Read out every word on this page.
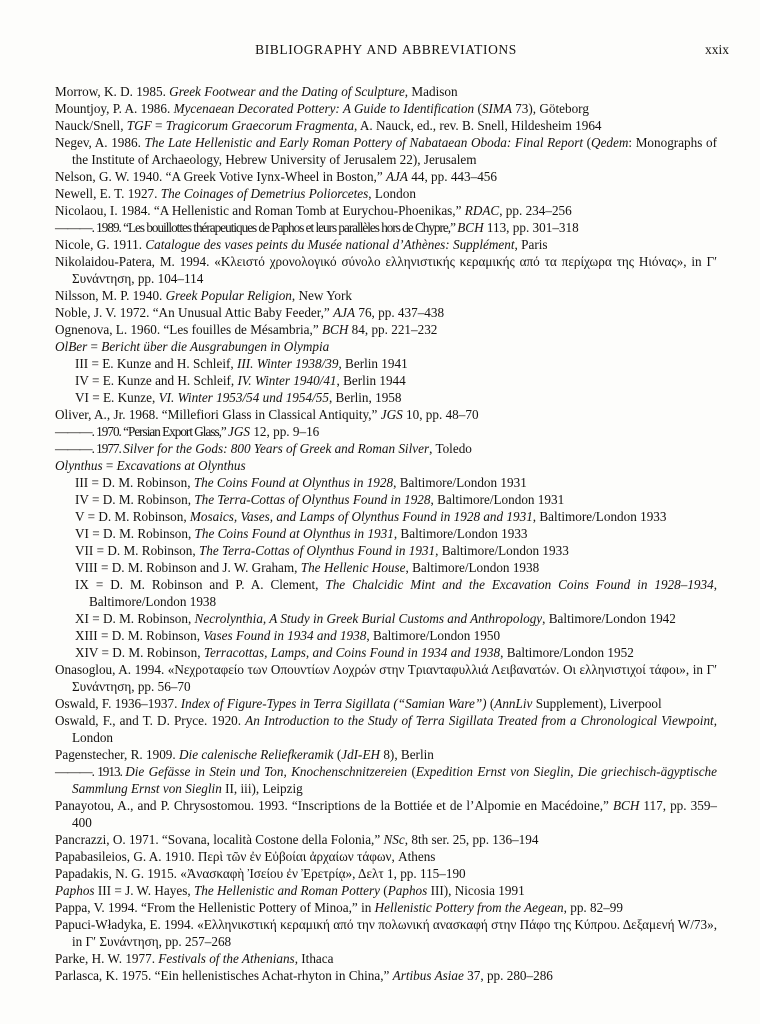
BIBLIOGRAPHY AND ABBREVIATIONS	xxix

Morrow, K. D. 1985. Greek Footwear and the Dating of Sculpture, Madison

Mountjoy, P. A. 1986. Mycenaean Decorated Pottery: A Guide to Identification (SIMA 73), Göteborg

Nauck/Snell, TGF = Tragicorum Graecorum Fragmenta, A. Nauck, ed., rev. B. Snell, Hildesheim 1964

Negev, A. 1986. The Late Hellenistic and Early Roman Pottery of Nabataean Oboda: Final Report (Qedem: Monographs of the Institute of Archaeology, Hebrew University of Jerusalem 22), Jerusalem

Nelson, G. W. 1940. “A Greek Votive Iynx-Wheel in Boston,” AJA 44, pp. 443–456

Newell, E. T. 1927. The Coinages of Demetrius Poliorcetes, London

Nicolaou, I. 1984. “A Hellenistic and Roman Tomb at Eurychou-Phoenikas,” RDAC, pp. 234–256

———. 1989. “Les bouillottes thérapeutiques de Paphos et leurs parallèles hors de Chypre,” BCH 113, pp. 301–318

Nicole, G. 1911. Catalogue des vases peints du Musée national d’Athènes: Supplément, Paris

Nikolaidou-Patera, M. 1994. «Κλειστό χρονολογικό σύνολο ελληνιστικής κεραμικής από τα περίχωρα της Ηιόνας», in Γ′ Συνάντηση, pp. 104–114

Nilsson, M. P. 1940. Greek Popular Religion, New York

Noble, J. V. 1972. “An Unusual Attic Baby Feeder,” AJA 76, pp. 437–438

Ognenova, L. 1960. “Les fouilles de Mésambria,” BCH 84, pp. 221–232

OlBer = Bericht über die Ausgrabungen in Olympia

III = E. Kunze and H. Schleif, III. Winter 1938/39, Berlin 1941

IV = E. Kunze and H. Schleif, IV. Winter 1940/41, Berlin 1944

VI = E. Kunze, VI. Winter 1953/54 und 1954/55, Berlin, 1958

Oliver, A., Jr. 1968. “Millefiori Glass in Classical Antiquity,” JGS 10, pp. 48–70

———. 1970. “Persian Export Glass,” JGS 12, pp. 9–16

———. 1977. Silver for the Gods: 800 Years of Greek and Roman Silver, Toledo

Olynthus = Excavations at Olynthus

III = D. M. Robinson, The Coins Found at Olynthus in 1928, Baltimore/London 1931

IV = D. M. Robinson, The Terra-Cottas of Olynthus Found in 1928, Baltimore/London 1931

V = D. M. Robinson, Mosaics, Vases, and Lamps of Olynthus Found in 1928 and 1931, Baltimore/London 1933

VI = D. M. Robinson, The Coins Found at Olynthus in 1931, Baltimore/London 1933

VII = D. M. Robinson, The Terra-Cottas of Olynthus Found in 1931, Baltimore/London 1933

VIII = D. M. Robinson and J. W. Graham, The Hellenic House, Baltimore/London 1938

IX = D. M. Robinson and P. A. Clement, The Chalcidic Mint and the Excavation Coins Found in 1928–1934, Baltimore/London 1938

XI = D. M. Robinson, Necrolynthia, A Study in Greek Burial Customs and Anthropology, Baltimore/London 1942

XIII = D. M. Robinson, Vases Found in 1934 and 1938, Baltimore/London 1950

XIV = D. M. Robinson, Terracottas, Lamps, and Coins Found in 1934 and 1938, Baltimore/London 1952

Onasoglou, A. 1994. «Νεχροταφείο των Οπουντίων Λοχρών στην Τριανταφυλλιά Λειβανατών. Οι ελληνιστιχοί τάφοι», in Γ′ Συνάντηση, pp. 56–70

Oswald, F. 1936–1937. Index of Figure-Types in Terra Sigillata (“Samian Ware”) (AnnLiv Supplement), Liverpool

Oswald, F., and T. D. Pryce. 1920. An Introduction to the Study of Terra Sigillata Treated from a Chronological Viewpoint, London

Pagenstecher, R. 1909. Die calenische Reliefkeramik (JdI-EH 8), Berlin

———. 1913. Die Gefässe in Stein und Ton, Knochenschnitzereien (Expedition Ernst von Sieglin, Die griechisch-ägyptische Sammlung Ernst von Sieglin II, iii), Leipzig

Panayotou, A., and P. Chrysostomou. 1993. “Inscriptions de la Bottiée et de l’Alpomie en Macédoine,” BCH 117, pp. 359–400

Pancrazzi, O. 1971. “Sovana, località Costone della Folonia,” NSc, 8th ser. 25, pp. 136–194

Papabasileios, G. A. 1910. Περὶ τῶν ἐν Εὐβοίαι ἀρχαίων τάφων, Athens

Papadakis, N. G. 1915. «Ἀνασκαφὴ Ἰσείου ἐν Ἐρετρίᾳ», Δελτ 1, pp. 115–190

Paphos III = J. W. Hayes, The Hellenistic and Roman Pottery (Paphos III), Nicosia 1991

Pappa, V. 1994. “From the Hellenistic Pottery of Minoa,” in Hellenistic Pottery from the Aegean, pp. 82–99

Papuci-Władyka, E. 1994. «Ελληνικστική κεραμική από την πολωνική ανασκαφή στην Πάφο της Κύπρου. Δεξαμενή W/73», in Γ′ Συνάντηση, pp. 257–268

Parke, H. W. 1977. Festivals of the Athenians, Ithaca

Parlasca, K. 1975. “Ein hellenistisches Achat-rhyton in China,” Artibus Asiae 37, pp. 280–286
